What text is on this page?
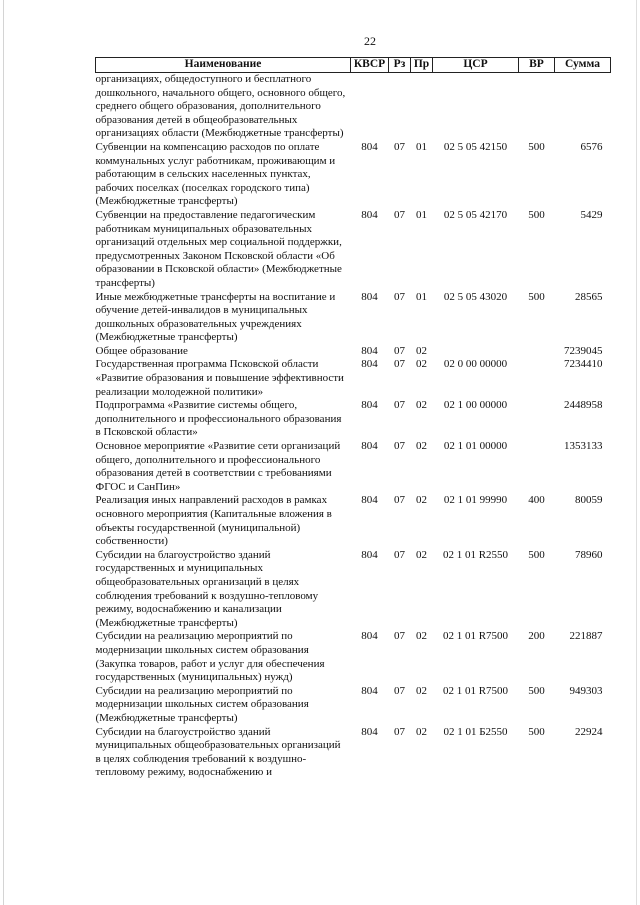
22
Наименование	КВСР	Рз	Пр	ЦСР	ВР	Сумма
организациях, общедоступного и бесплатного дошкольного, начального общего, основного общего, среднего общего образования, дополнительного образования детей в общеобразовательных организациях области (Межбюджетные трансферты)						
Субвенции на компенсацию расходов по оплате коммунальных услуг работникам, проживающим и работающим в сельских населенных пунктах, рабочих поселках (поселках городского типа) (Межбюджетные трансферты)	804	07	01	02 5 05 42150	500	6576
Субвенции на предоставление педагогическим работникам муниципальных образовательных организаций отдельных мер социальной поддержки, предусмотренных Законом Псковской области «Об образовании в Псковской области» (Межбюджетные трансферты)	804	07	01	02 5 05 42170	500	5429
Иные межбюджетные трансферты на воспитание и обучение детей-инвалидов в муниципальных дошкольных образовательных учреждениях (Межбюджетные трансферты)	804	07	01	02 5 05 43020	500	28565
Общее образование	804	07	02			7239045
Государственная программа Псковской области «Развитие образования и повышение эффективности реализации молодежной политики»	804	07	02	02 0 00 00000		7234410
Подпрограмма «Развитие системы общего, дополнительного и профессионального образования в Псковской области»	804	07	02	02 1 00 00000		2448958
Основное мероприятие «Развитие сети организаций общего, дополнительного и профессионального образования детей в соответствии с требованиями ФГОС и СанПин»	804	07	02	02 1 01 00000		1353133
Реализация иных направлений расходов в рамках основного мероприятия (Капитальные вложения в объекты государственной (муниципальной) собственности)	804	07	02	02 1 01 99990	400	80059
Субсидии на благоустройство зданий государственных и муниципальных общеобразовательных организаций в целях соблюдения требований к воздушно-тепловому режиму, водоснабжению и канализации (Межбюджетные трансферты)	804	07	02	02 1 01 R2550	500	78960
Субсидии на реализацию мероприятий по модернизации школьных систем образования (Закупка товаров, работ и услуг для обеспечения государственных (муниципальных) нужд)	804	07	02	02 1 01 R7500	200	221887
Субсидии на реализацию мероприятий по модернизации школьных систем образования (Межбюджетные трансферты)	804	07	02	02 1 01 R7500	500	949303
Субсидии на благоустройство зданий муниципальных общеобразовательных организаций в целях соблюдения требований к воздушно-тепловому режиму, водоснабжению и	804	07	02	02 1 01 Б2550	500	22924
